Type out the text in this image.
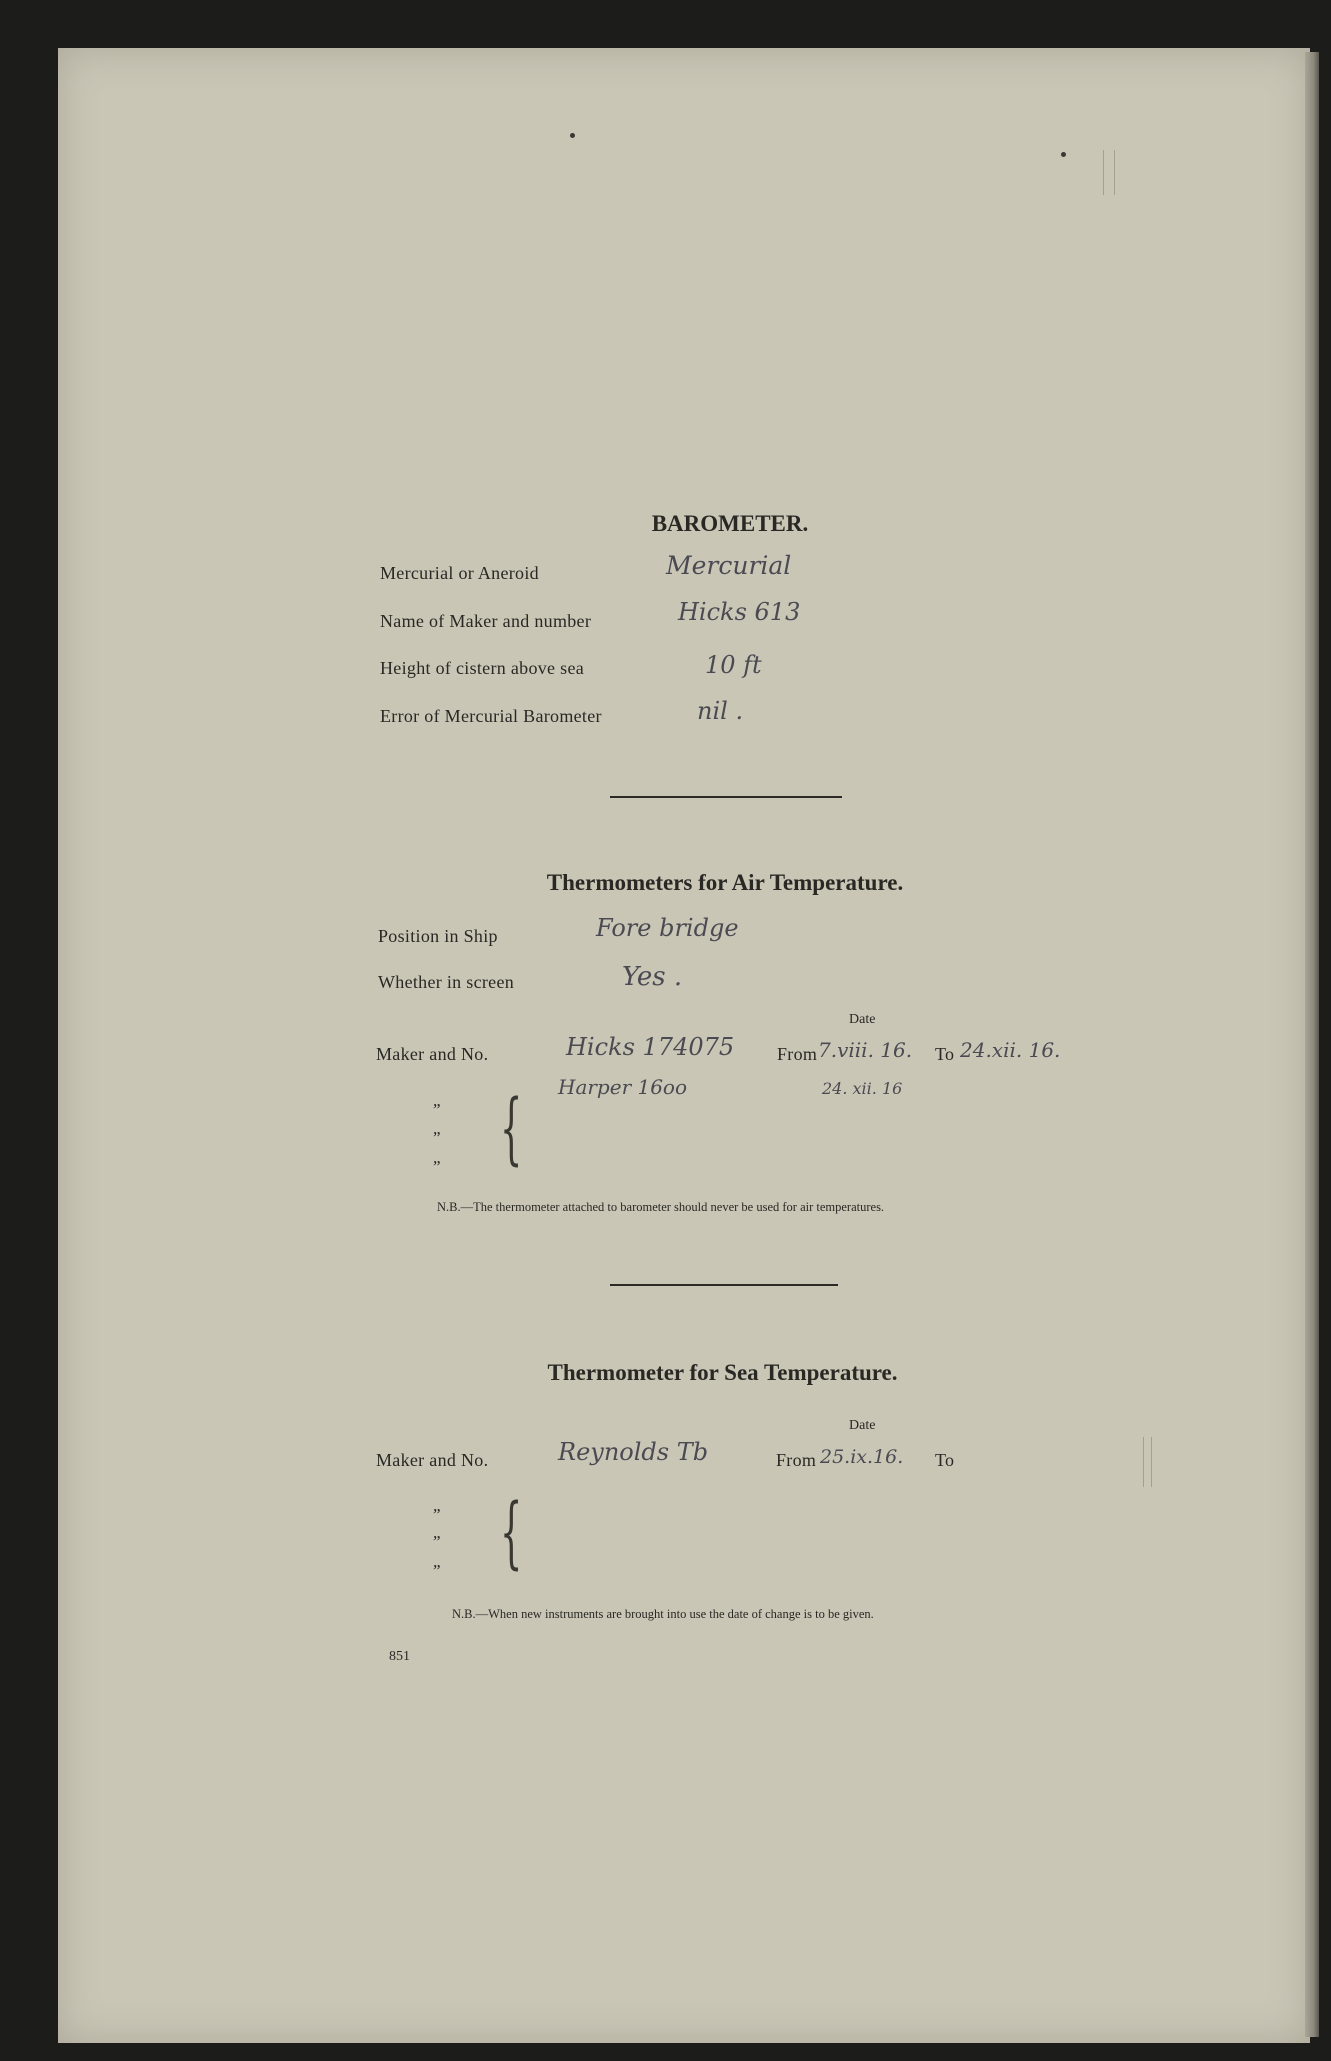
BAROMETER.
Mercurial or Aneroid	Mercurial
Name of Maker and number	Hicks 613
Height of cistern above sea	10 ft
Error of Mercurial Barometer	nil .
Thermometers for Air Temperature.
Position in Ship	Fore bridge
Whether in screen	Yes .
Date
Maker and No.	Hicks 174075 From 7.viii. 16. To 24.xii. 16.
Harper 16oo	24. xii. 16
”
”
” {
N.B.—The thermometer attached to barometer should never be used for air temperatures.
Thermometer for Sea Temperature.
Date
Maker and No.	Reynolds Tb	From 25.ix.16. To
”
”
” {
N.B.—When new instruments are brought into use the date of change is to be given.
851
